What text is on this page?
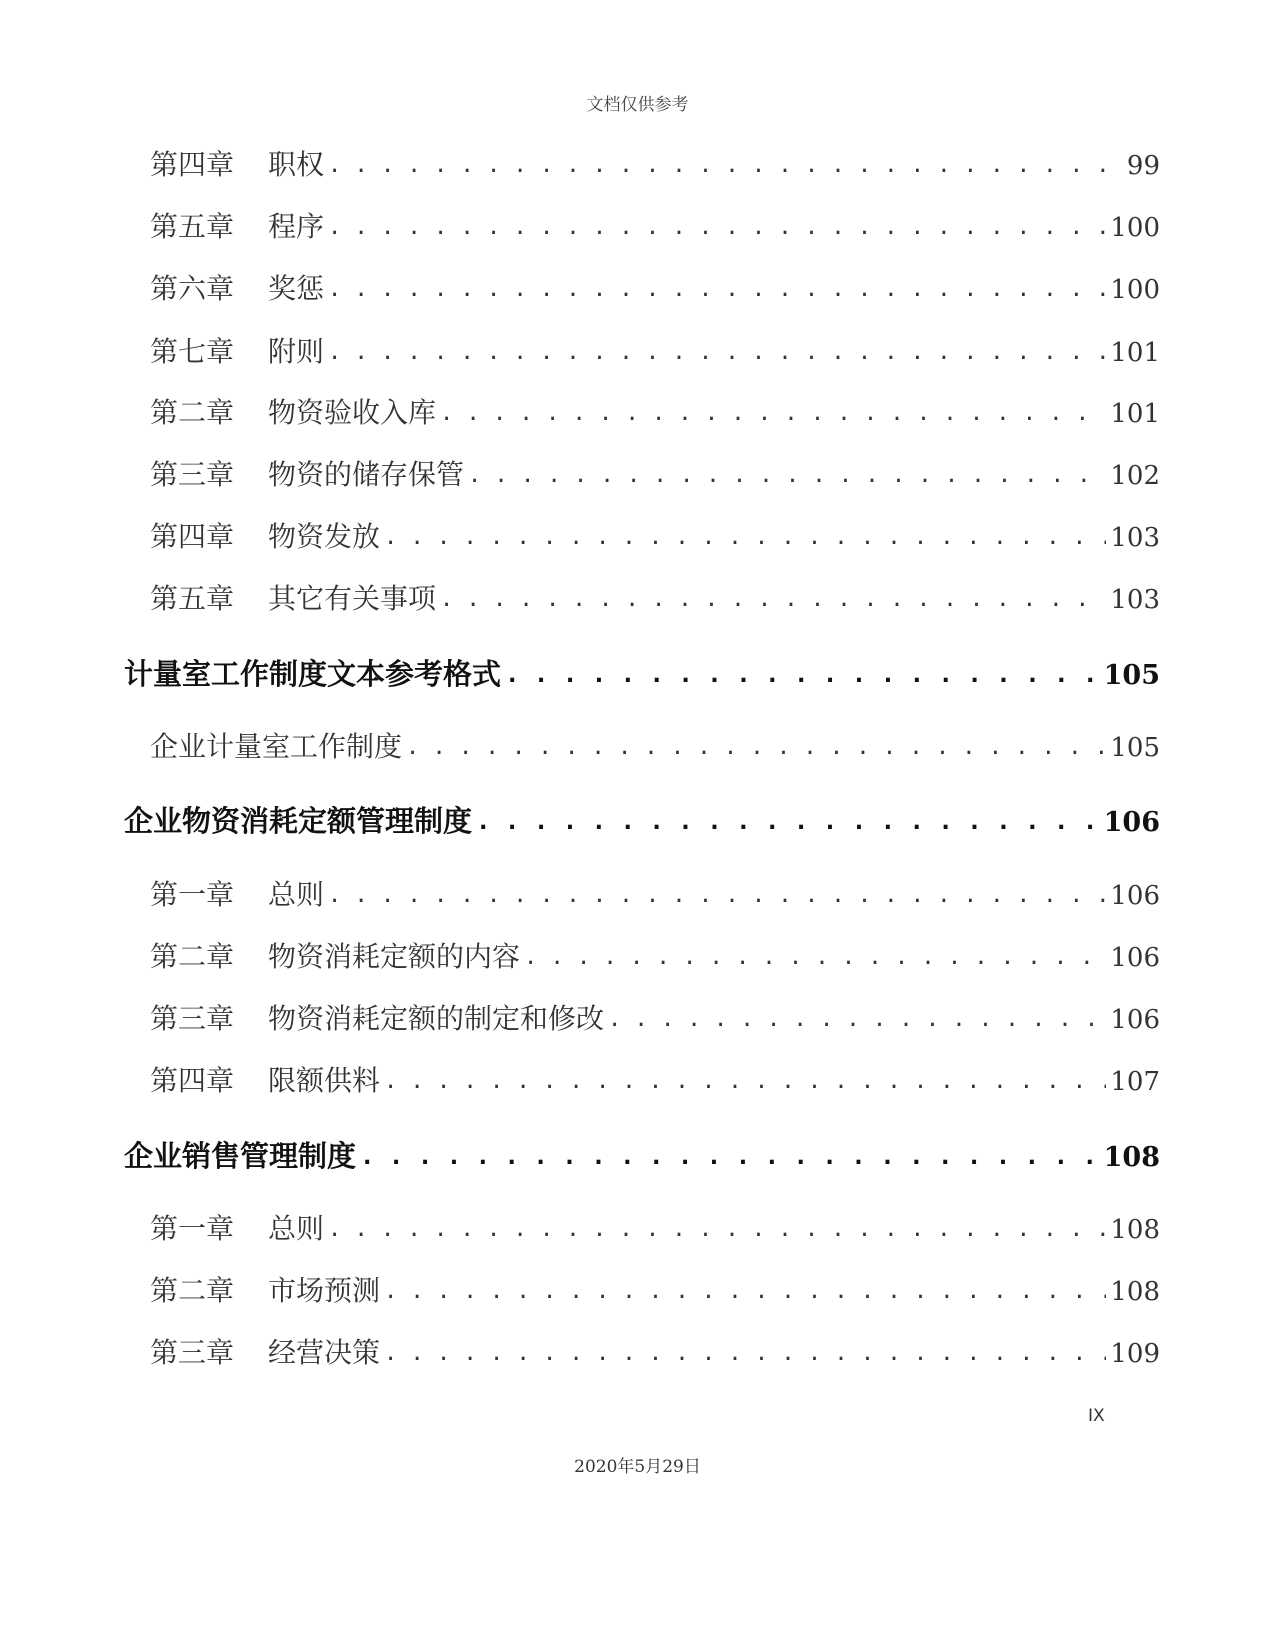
文档仅供参考
第四章	职权 . . .	99
第五章	程序 . . .	100
第六章	奖惩 . . .	100
第七章	附则 . . .	101
第二章	物资验收入库 . . .	101
第三章	物资的储存保管 . . .	102
第四章	物资发放 . . .	103
第五章	其它有关事项 . . .	103
计量室工作制度文本参考格式 . . .	105
企业计量室工作制度 . . .	105
企业物资消耗定额管理制度 . . .	106
第一章	总则 . . .	106
第二章	物资消耗定额的内容 . . .	106
第三章	物资消耗定额的制定和修改 . . .	106
第四章	限额供料 . . .	107
企业销售管理制度 . . .	108
第一章	总则 . . .	108
第二章	市场预测 . . .	108
第三章	经营决策 . . .	109
IX
2020年5月29日
